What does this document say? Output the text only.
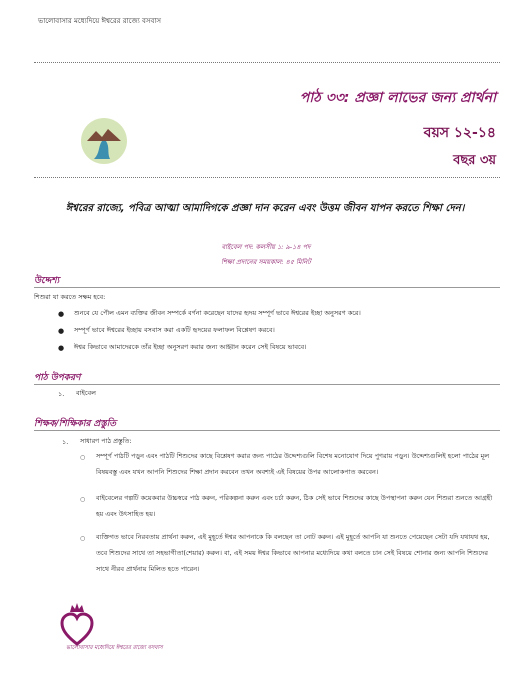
ভালোবাসার মধ্যেদিয়ে ঈশ্বরের রাজ্যে বসবাস
পাঠ ৩৩: প্রজ্ঞা লাভের জন্য প্রার্থনা
বয়স ১২-১৪
বছর ৩য়
ঈশ্বরের রাজ্যে, পবিত্র আত্মা আমাদিগকে প্রজ্ঞা দান করেন এবং উত্তম জীবন যাপন করতে শিক্ষা দেন।
বাইবেল পদ: কলসীয় ১: ৯-১৪ পদ
শিক্ষা প্রদানের সময়কাল: ৪৫ মিনিট
উদ্দেশ্য
শিশুরা যা করতে সক্ষম হবে:
● শুনবে যে পৌল এমন ব্যক্তির জীবন সম্পর্কে বর্ণনা করেছেন যাদের হৃদয় সম্পূর্ণ ভাবে ঈশ্বরের ইচ্ছা অনুসরণ করে।
● সম্পূর্ণ ভাবে ঈশ্বরের ইচ্ছায় বসবাস করা একটি হৃদয়ের ফলাফল বিশ্লেষণ করবে।
● ঈশ্বর কিভাবে আমাদেরকে তাঁর ইচ্ছা অনুসরণ করার জন্য আহ্বান করেন সেই বিষয়ে ভাববে।
পাঠ উপকরণ
১. বাইবেল
শিক্ষক/শিক্ষিকার প্রস্তুতি
১. সাধারণ পাঠ প্রস্তুতি:
○ সম্পূর্ণ পাঠটি পড়ুন এবং পাঠটি শিশুদের কাছে বিশ্লেষণ করার জন্য পাঠের উদ্দেশ্যগুলি বিশেষ মনোযোগ দিয়ে পুণরায় পড়ুন। উদ্দেশ্যগুলিই হলো পাঠের মূল বিষয়বস্তু এবং যখন আপনি শিশুদের শিক্ষা প্রদান করবেন তখন অবশ্যই এই বিষয়ের উপর আলোকপাত করবেন।
○ বাইবেলের গল্পটি কয়েকবার উচ্চস্বরে পাঠ করুন, পরিকল্পনা করুন এবং চর্চা করুন, ঠিক সেই ভাবে শিশুদের কাছে উপস্থাপনা করুন যেন শিশুরা শুনতে আগ্রহী হয় এবং উৎসাহিত হয়।
○ ব্যক্তিগত ভাবে নিরবতায় প্রার্থনা করুন, এই মুহূর্তে ঈশ্বর আপনাকে কি বলছেন তা নোট করুন। এই মুহূর্তে আপনি যা শুনতে পেয়েছেন সেটা যদি যথাযথ হয়, তবে শিশুদের সাথে তা সহভাগীতা(শেয়ার) করুন। বা, এই সময় ঈশ্বর কিভাবে আপনার মধ্যেদিয়ে কথা বলতে চান সেই বিষয়ে শোনার জন্য আপনি শিশুদের সাথে নীরব প্রার্থনায় মিলিত হতে পারেন।
ভালোবাসার মধ্যেদিয়ে ঈশ্বরের রাজ্যে বসবাস
